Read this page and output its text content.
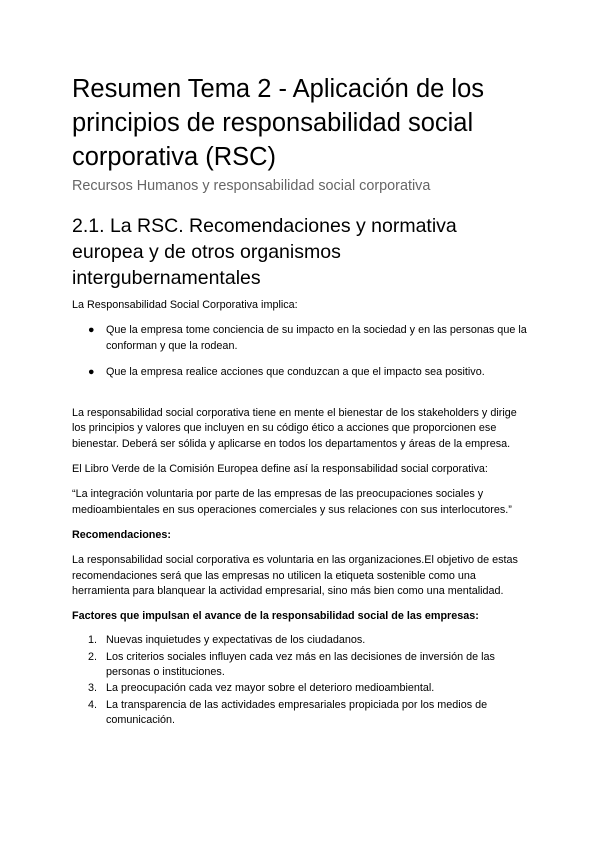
Resumen Tema 2 - Aplicación de los principios de responsabilidad social corporativa (RSC)
Recursos Humanos y responsabilidad social corporativa
2.1. La RSC. Recomendaciones y normativa europea y de otros organismos intergubernamentales

La Responsabilidad Social Corporativa implica:

● Que la empresa tome conciencia de su impacto en la sociedad y en las personas que la conforman y que la rodean.
● Que la empresa realice acciones que conduzcan a que el impacto sea positivo.

La responsabilidad social corporativa tiene en mente el bienestar de los stakeholders y dirige los principios y valores que incluyen en su código ético a acciones que proporcionen ese bienestar. Deberá ser sólida y aplicarse en todos los departamentos y áreas de la empresa.

El Libro Verde de la Comisión Europea define así la responsabilidad social corporativa:

“La integración voluntaria por parte de las empresas de las preocupaciones sociales y medioambientales en sus operaciones comerciales y sus relaciones con sus interlocutores.”

Recomendaciones:

La responsabilidad social corporativa es voluntaria en las organizaciones.El objetivo de estas recomendaciones será que las empresas no utilicen la etiqueta sostenible como una herramienta para blanquear la actividad empresarial, sino más bien como una mentalidad.

Factores que impulsan el avance de la responsabilidad social de las empresas:

1. Nuevas inquietudes y expectativas de los ciudadanos.
2. Los criterios sociales influyen cada vez más en las decisiones de inversión de las personas o instituciones.
3. La preocupación cada vez mayor sobre el deterioro medioambiental.
4. La transparencia de las actividades empresariales propiciada por los medios de comunicación.
